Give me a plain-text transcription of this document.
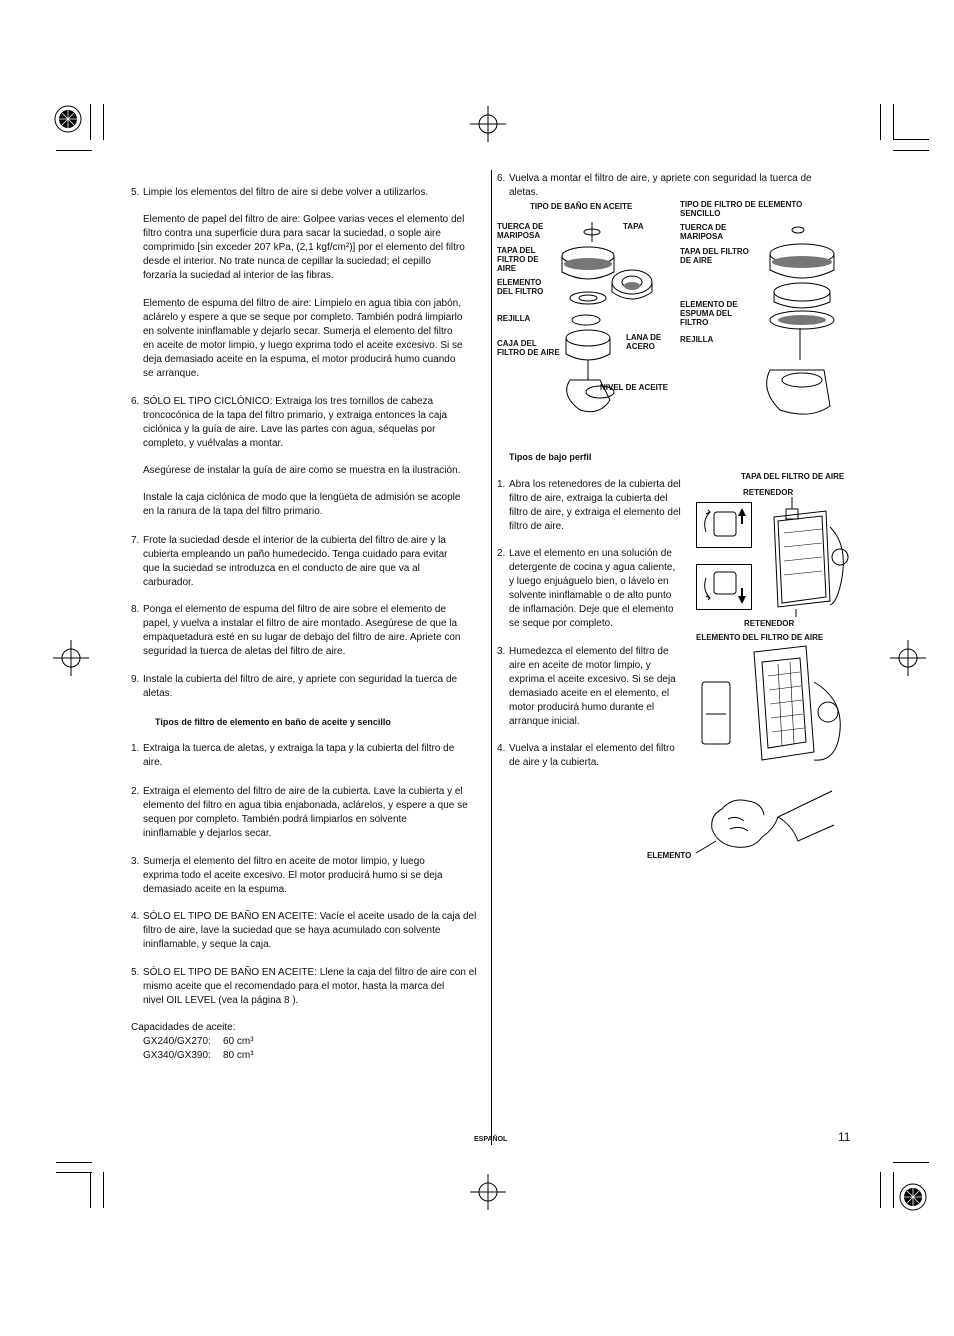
5. Limpie los elementos del filtro de aire si debe volver a utilizarlos.
Elemento de papel del filtro de aire: Golpee varias veces el elemento del
filtro contra una superficie dura para sacar la suciedad, o sople aire
comprimido [sin exceder 207 kPa, (2,1 kgf/cm²)] por el elemento del filtro
desde el interior. No trate nunca de cepillar la suciedad; el cepillo
forzaría la suciedad al interior de las fibras.
Elemento de espuma del filtro de aire: Límpielo en agua tibia con jabón,
aclárelo y espere a que se seque por completo. También podrá limpiarlo
en solvente ininflamable y dejarlo secar. Sumerja el elemento del filtro
en aceite de motor limpio, y luego exprima todo el aceite excesivo. Si se
deja demasiado aceite en la espuma, el motor producirá humo cuando
se arranque.
6. SÓLO EL TIPO CICLÓNICO: Extraiga los tres tornillos de cabeza
troncocónica de la tapa del filtro primario, y extraiga entonces la caja
ciclónica y la guía de aire. Lave las partes con agua, séquelas por
completo, y vuélvalas a montar.
Asegúrese de instalar la guía de aire como se muestra en la ilustración.
Instale la caja ciclónica de modo que la lengüeta de admisión se acople
en la ranura de la tapa del filtro primario.
7. Frote la suciedad desde el interior de la cubierta del filtro de aire y la
cubierta empleando un paño humedecido. Tenga cuidado para evitar
que la suciedad se introduzca en el conducto de aire que va al
carburador.
8. Ponga el elemento de espuma del filtro de aire sobre el elemento de
papel, y vuelva a instalar el filtro de aire montado. Asegúrese de que la
empaquetadura esté en su lugar de debajo del filtro de aire. Apriete con
seguridad la tuerca de aletas del filtro de aire.
9. Instale la cubierta del filtro de aire, y apriete con seguridad la tuerca de
aletas.
Tipos de filtro de elemento en baño de aceite y sencillo
1. Extraiga la tuerca de aletas, y extraiga la tapa y la cubierta del filtro de
aire.
2. Extraiga el elemento del filtro de aire de la cubierta. Lave la cubierta y el
elemento del filtro en agua tibia enjabonada, aclárelos, y espere a que se
sequen por completo. También podrá limpiarlos en solvente
ininflamable y dejarlos secar.
3. Sumerja el elemento del filtro en aceite de motor limpio, y luego
exprima todo el aceite excesivo. El motor producirá humo si se deja
demasiado aceite en la espuma.
4. SÓLO EL TIPO DE BAÑO EN ACEITE: Vacíe el aceite usado de la caja del
filtro de aire, lave la suciedad que se haya acumulado con solvente
ininflamable, y seque la caja.
5. SÓLO EL TIPO DE BAÑO EN ACEITE: Llene la caja del filtro de aire con el
mismo aceite que el recomendado para el motor, hasta la marca del
nivel OIL LEVEL (vea la página 8 ).
Capacidades de aceite:
GX240/GX270: 60 cm³
GX340/GX390: 80 cm³
6. Vuelva a montar el filtro de aire, y apriete con seguridad la tuerca de
aletas.
TIPO DE BAÑO EN ACEITE	TIPO DE FILTRO DE ELEMENTO
SENCILLO
TUERCA DE
MARIPOSA
TAPA
TAPA DEL
FILTRO DE
AIRE
ELEMENTO
DEL FILTRO
REJILLA
LANA DE
ACERO
CAJA DEL
FILTRO DE AIRE
NIVEL DE ACEITE
TUERCA DE
MARIPOSA
TAPA DEL FILTRO
DE AIRE
ELEMENTO DE
ESPUMA DEL
FILTRO
REJILLA
Tipos de bajo perfil
1. Abra los retenedores de la cubierta del
filtro de aire, extraiga la cubierta del
filtro de aire, y extraiga el elemento del
filtro de aire.
2. Lave el elemento en una solución de
detergente de cocina y agua caliente,
y luego enjuáguelo bien, o lávelo en
solvente ininflamable o de alto punto
de inflamación. Deje que el elemento
se seque por completo.
3. Humedezca el elemento del filtro de
aire en aceite de motor limpio, y
exprima el aceite excesivo. Si se deja
demasiado aceite en el elemento, el
motor producirá humo durante el
arranque inicial.
4. Vuelva a instalar el elemento del filtro
de aire y la cubierta.
TAPA DEL FILTRO DE AIRE
RETENEDOR
RETENEDOR
ELEMENTO DEL FILTRO DE AIRE
ELEMENTO
ESPAÑOL	11
